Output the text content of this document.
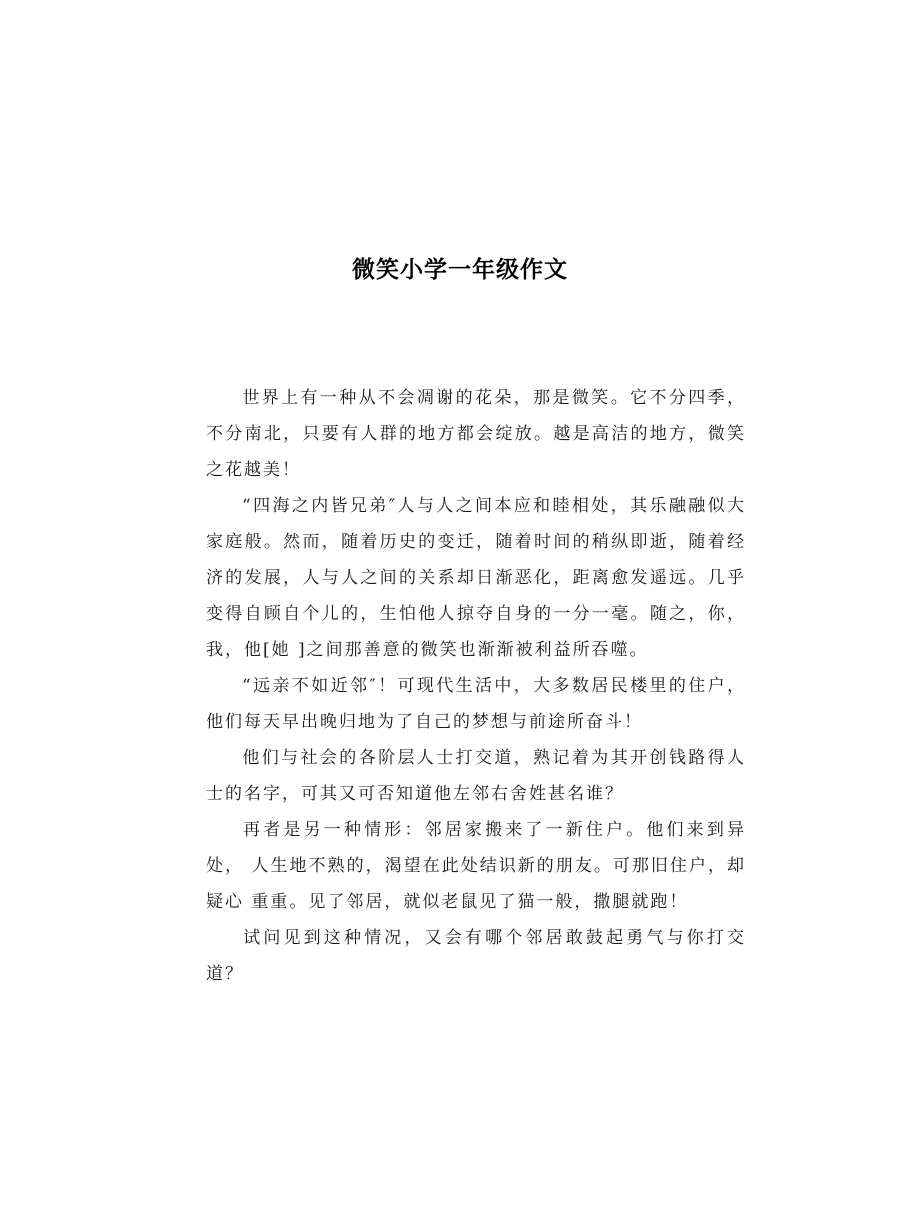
微笑小学一年级作文

世界上有一种从不会凋谢的花朵，那是微笑。它不分四季，不分南北，只要有人群的地方都会绽放。越是高洁的地方，微笑之花越美！

“四海之内皆兄弟″人与人之间本应和睦相处，其乐融融似大家庭般。然而，随着历史的变迁，随着时间的稍纵即逝，随着经济的发展，人与人之间的关系却日渐恶化，距离愈发遥远。几乎变得自顾自个儿的，生怕他人掠夺自身的一分一毫。随之，你，我，他[她 ]之间那善意的微笑也渐渐被利益所吞噬。

“远亲不如近邻″！可现代生活中，大多数居民楼里的住户，他们每天早出晚归地为了自己的梦想与前途所奋斗！

他们与社会的各阶层人士打交道，熟记着为其开创钱路得人士的名字，可其又可否知道他左邻右舍姓甚名谁？

再者是另一种情形：邻居家搬来了一新住户。他们来到异处， 人生地不熟的，渴望在此处结识新的朋友。可那旧住户，却疑心 重重。见了邻居，就似老鼠见了猫一般，撒腿就跑！

试问见到这种情况，又会有哪个邻居敢鼓起勇气与你打交道？
